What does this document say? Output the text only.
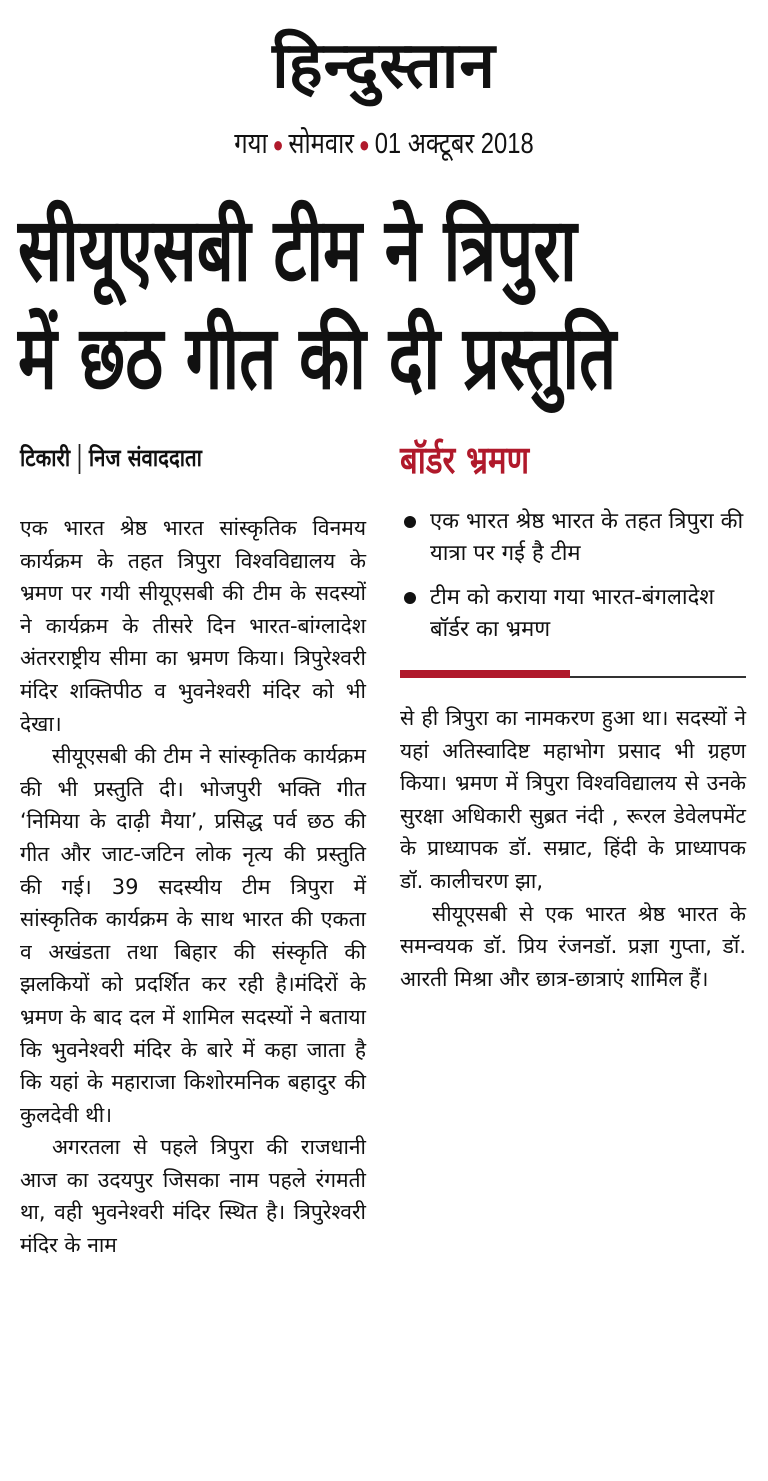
हिन्दुस्तान
गया ● सोमवार ● 01 अक्टूबर 2018
सीयूएसबी टीम ने त्रिपुरा
में छठ गीत की दी प्रस्तुति
टिकारी निज संवाददाता

एक भारत श्रेष्ठ भारत सांस्कृतिक विनमय कार्यक्रम के तहत त्रिपुरा विश्वविद्यालय के भ्रमण पर गयी सीयूएसबी की टीम के सदस्यों ने कार्यक्रम के तीसरे दिन भारत-बांग्लादेश अंतरराष्ट्रीय सीमा का भ्रमण किया। त्रिपुरेश्वरी मंदिर शक्तिपीठ व भुवनेश्वरी मंदिर को भी देखा।

सीयूएसबी की टीम ने सांस्कृतिक कार्यक्रम की भी प्रस्तुति दी। भोजपुरी भक्ति गीत ‘निमिया के दाढ़ी मैया’, प्रसिद्ध पर्व छठ की गीत और जाट-जटिन लोक नृत्य की प्रस्तुति की गई। 39 सदस्यीय टीम त्रिपुरा में सांस्कृतिक कार्यक्रम के साथ भारत की एकता व अखंडता तथा बिहार की संस्कृति की झलकियों को प्रदर्शित कर रही है।मंदिरों के भ्रमण के बाद दल में शामिल सदस्यों ने बताया कि भुवनेश्वरी मंदिर के बारे में कहा जाता है कि यहां के महाराजा किशोरमनिक बहादुर की कुलदेवी थी।

अगरतला से पहले त्रिपुरा की राजधानी आज का उदयपुर जिसका नाम पहले रंगमती था, वही भुवनेश्वरी मंदिर स्थित है। त्रिपुरेश्वरी मंदिर के नाम

बॉर्डर भ्रमण
एक भारत श्रेष्ठ भारत के तहत त्रिपुरा की यात्रा पर गई है टीम
टीम को कराया गया भारत-बंगलादेश बॉर्डर का भ्रमण

से ही त्रिपुरा का नामकरण हुआ था। सदस्यों ने यहां अतिस्वादिष्ट महाभोग प्रसाद भी ग्रहण किया। भ्रमण में त्रिपुरा विश्वविद्यालय से उनके सुरक्षा अधिकारी सुब्रत नंदी , रूरल डेवेलपमेंट के प्राध्यापक डॉ. सम्राट, हिंदी के प्राध्यापक डॉ. कालीचरण झा,

सीयूएसबी से एक भारत श्रेष्ठ भारत के समन्वयक डॉ. प्रिय रंजनडॉ. प्रज्ञा गुप्ता, डॉ. आरती मिश्रा और छात्र-छात्राएं शामिल हैं।
